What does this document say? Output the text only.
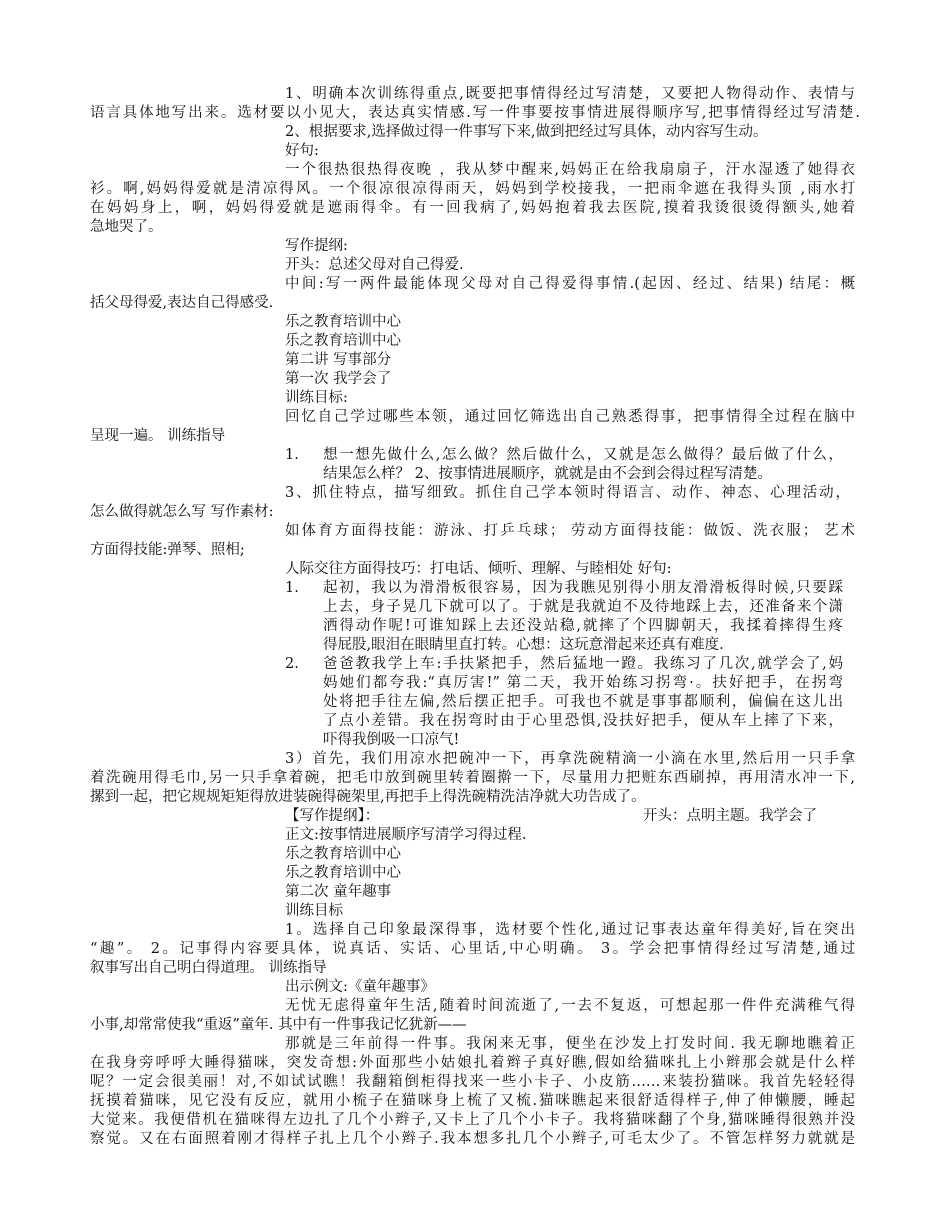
1、明确本次训练得重点,既要把事情得经过写清楚，又要把人物得动作、表情与
语言具体地写出来。选材要以小见大，表达真实情感.写一件事要按事情进展得顺序写,把事情得经过写清楚.
2、根据要求,选择做过得一件事写下来,做到把经过写具体，动内容写生动。
好句:
一个很热很热得夜晚 ，我从梦中醒来,妈妈正在给我扇扇子，汗水湿透了她得衣
衫。啊,妈妈得爱就是清凉得风。一个很凉很凉得雨天，妈妈到学校接我，一把雨伞遮在我得头顶 ,雨水打
在妈妈身上，啊，妈妈得爱就是遮雨得伞。有一回我病了,妈妈抱着我去医院,摸着我烫很烫得额头,她着
急地哭了。
写作提纲:
开头：总述父母对自己得爱.
中间:写一两件最能体现父母对自己得爱得事情.(起因、经过、结果) 结尾：概
括父母得爱,表达自己得感受.
乐之教育培训中心
乐之教育培训中心
第二讲 写事部分
第一次 我学会了
训练目标:
回忆自己学过哪些本领，通过回忆筛选出自己熟悉得事，把事情得全过程在脑中
呈现一遍。 训练指导
1. 想一想先做什么,怎么做？然后做什么，又就是怎么做得？最后做了什么，
结果怎么样？ 2、按事情进展顺序，就就是由不会到会得过程写清楚。
3、抓住特点，描写细致。抓住自己学本领时得语言、动作、神态、心理活动，
怎么做得就怎么写 写作素材:
如体育方面得技能：游泳、打乒乓球； 劳动方面得技能：做饭、洗衣服； 艺术
方面得技能:弹琴、照相;
人际交往方面得技巧：打电话、倾听、理解、与睦相处 好句:
1. 起初，我以为滑滑板很容易，因为我瞧见别得小朋友滑滑板得时候,只要踩
上去，身子晃几下就可以了。于就是我就迫不及待地踩上去，还准备来个潇
洒得动作呢!可谁知踩上去还没站稳,就摔了个四脚朝天，我揉着摔得生疼
得屁股,眼泪在眼睛里直打转。心想：这玩意滑起来还真有难度.
2. 爸爸教我学上车:手扶紧把手，然后猛地一蹬。我练习了几次,就学会了,妈
妈她们都夸我:“真厉害!” 第二天，我开始练习拐弯·。扶好把手，在拐弯
处将把手往左偏,然后摆正把手。可我也不就是事事都顺利，偏偏在这儿出
了点小差错。我在拐弯时由于心里恐惧,没扶好把手，便从车上摔了下来，
吓得我倒吸一口凉气!
3）首先，我们用凉水把碗冲一下，再拿洗碗精滴一小滴在水里,然后用一只手拿
着洗碗用得毛巾,另一只手拿着碗，把毛巾放到碗里转着圈擀一下，尽量用力把赃东西刷掉，再用清水冲一下,
摞到一起，把它规规矩矩得放进装碗得碗架里,再把手上得洗碗精洗洁净就大功告成了。
【写作提纲】：	开头：点明主题。我学会了
正文:按事情进展顺序写清学习得过程.
乐之教育培训中心
乐之教育培训中心
第二次 童年趣事
训练目标
1。选择自己印象最深得事，选材要个性化,通过记事表达童年得美好,旨在突出
“趣”。 2。记事得内容要具体，说真话、实话、心里话,中心明确。 3。学会把事情得经过写清楚,通过
叙事写出自己明白得道理。 训练指导
出示例文:《童年趣事》
无忧无虑得童年生活,随着时间流逝了,一去不复返，可想起那一件件充满稚气得
小事,却常常使我“重返”童年. 其中有一件事我记忆犹新——
那就是三年前得一件事。我闲来无事，便坐在沙发上打发时间. 我无聊地瞧着正
在我身旁呼呼大睡得猫咪，突发奇想:外面那些小姑娘扎着辫子真好瞧,假如给猫咪扎上小辫那会就是什么样
呢？一定会很美丽！对,不如试试瞧！我翻箱倒柜得找来一些小卡子、小皮筋……来装扮猫咪。我首先轻轻得
抚摸着猫咪，见它没有反应，就用小梳子在猫咪身上梳了又梳.猫咪瞧起来很舒适得样子,伸了伸懒腰，睡起
大觉来。我便借机在猫咪得左边扎了几个小辫子,又卡上了几个小卡子。我将猫咪翻了个身,猫咪睡得很熟并没
察觉。又在右面照着刚才得样子扎上几个小辫子.我本想多扎几个小辫子,可毛太少了。不管怎样努力就就是
